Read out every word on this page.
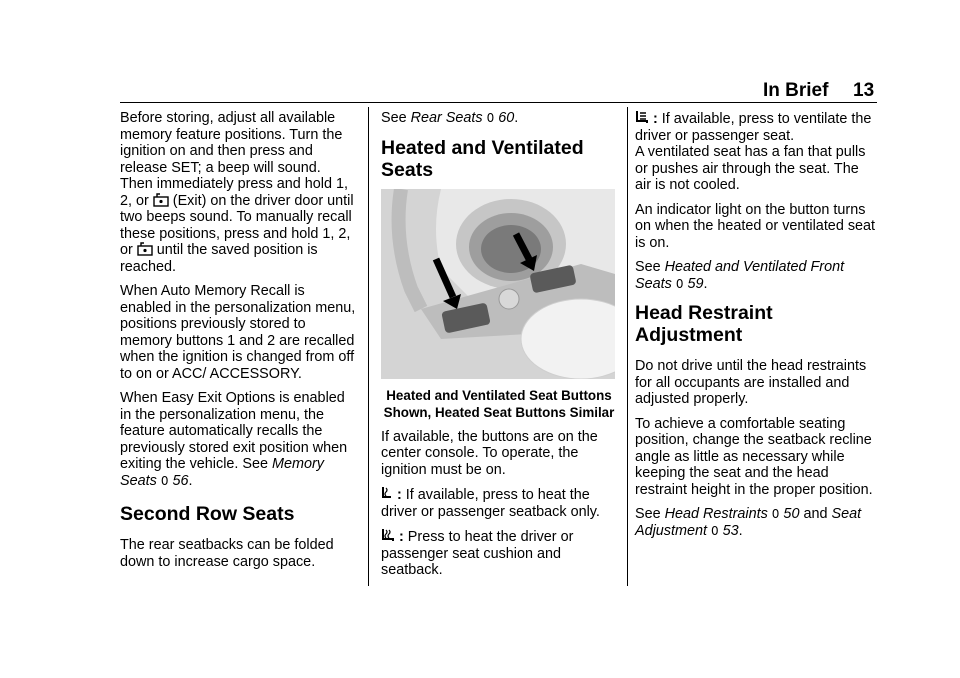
In Brief 13

Before storing, adjust all available memory feature positions. Turn the ignition on and then press and release SET; a beep will sound. Then immediately press and hold 1, 2, or  (Exit) on the driver door until two beeps sound. To manually recall these positions, press and hold 1, 2, or  until the saved position is reached.

When Auto Memory Recall is enabled in the personalization menu, positions previously stored to memory buttons 1 and 2 are recalled when the ignition is changed from off to on or ACC/ ACCESSORY.

When Easy Exit Options is enabled in the personalization menu, the feature automatically recalls the previously stored exit position when exiting the vehicle. See Memory Seats 0 56.

Second Row Seats

The rear seatbacks can be folded down to increase cargo space.

See Rear Seats 0 60.

Heated and Ventilated Seats

Heated and Ventilated Seat Buttons Shown, Heated Seat Buttons Similar

If available, the buttons are on the center console. To operate, the ignition must be on.

: If available, press to heat the driver or passenger seatback only.

: Press to heat the driver or passenger seat cushion and seatback.

: If available, press to ventilate the driver or passenger seat.

A ventilated seat has a fan that pulls or pushes air through the seat. The air is not cooled.

An indicator light on the button turns on when the heated or ventilated seat is on.

See Heated and Ventilated Front Seats 0 59.

Head Restraint Adjustment

Do not drive until the head restraints for all occupants are installed and adjusted properly.

To achieve a comfortable seating position, change the seatback recline angle as little as necessary while keeping the seat and the head restraint height in the proper position.

See Head Restraints 0 50 and Seat Adjustment 0 53.
